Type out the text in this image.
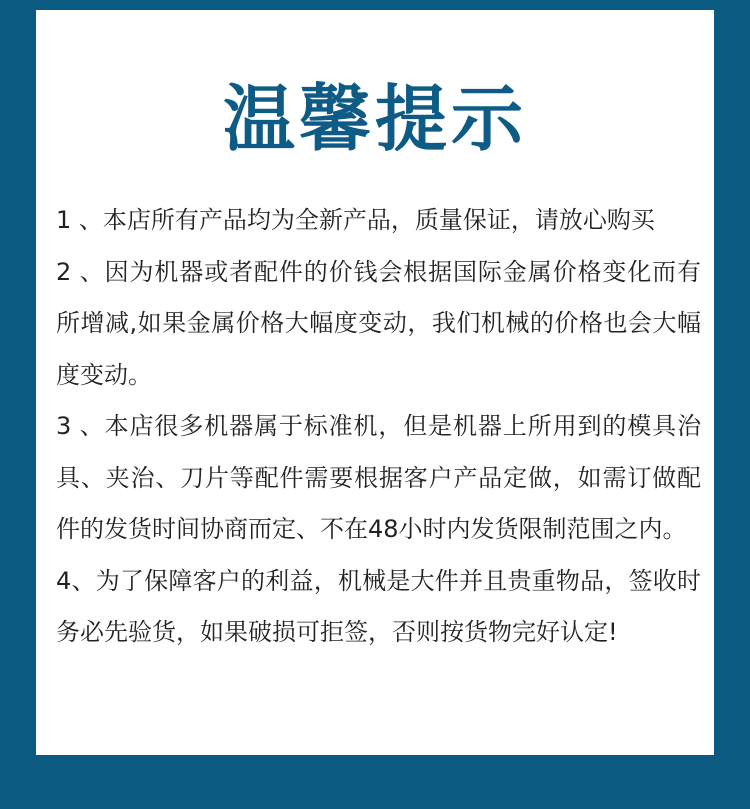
温馨提示

1 、本店所有产品均为全新产品，质量保证，请放心购买

2 、因为机器或者配件的价钱会根据国际金属价格变化而有所增减,如果金属价格大幅度变动，我们机械的价格也会大幅度变动。

3 、本店很多机器属于标准机，但是机器上所用到的模具治具、夹治、刀片等配件需要根据客户产品定做，如需订做配件的发货时间协商而定、不在48小时内发货限制范围之内。

4、为了保障客户的利益，机械是大件并且贵重物品，签收时务必先验货，如果破损可拒签，否则按货物完好认定!
